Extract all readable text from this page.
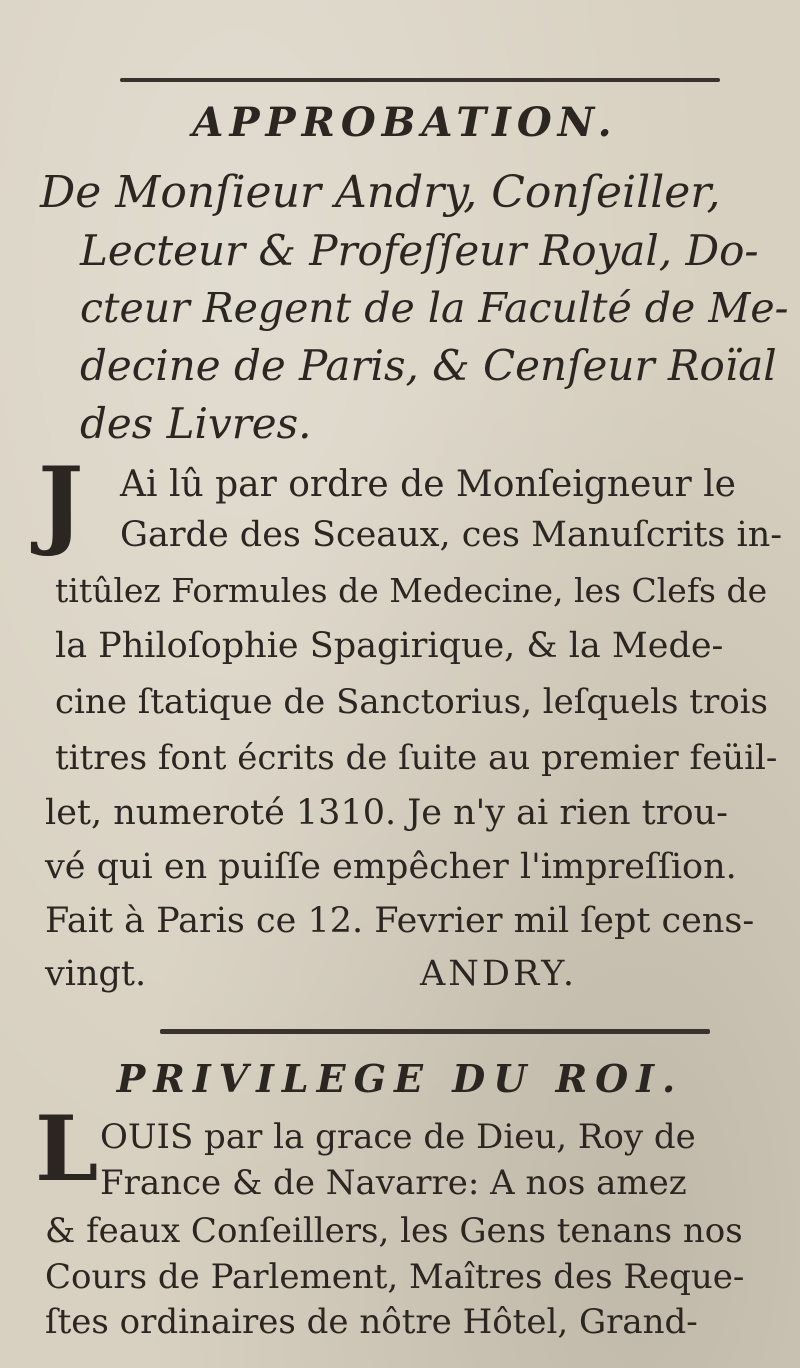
APPROBATION.
De Monſieur Andry, Conſeiller,
Lecteur & Profeſſeur Royal, Do-
cteur Regent de la Faculté de Me-
decine de Paris, & Cenſeur Roïal
des Livres.
J Ai lû par ordre de Monſeigneur le
Garde des Sceaux, ces Manuſcrits in-
titûlez Formules de Medecine, les Clefs de
la Philoſophie Spagirique, & la Mede-
cine ſtatique de Sanctorius, leſquels trois
titres font écrits de ſuite au premier feüil-
let, numeroté 1310. Je n'y ai rien trou-
vé qui en puiſſe empêcher l'impreſſion.
Fait à Paris ce 12. Fevrier mil ſept cens-
vingt.	ANDRY.
PRIVILEGE DU ROI.
L OUIS par la grace de Dieu, Roy de
France & de Navarre: A nos amez
& feaux Conſeillers, les Gens tenans nos
Cours de Parlement, Maîtres des Reque-
ſtes ordinaires de nôtre Hôtel, Grand-
